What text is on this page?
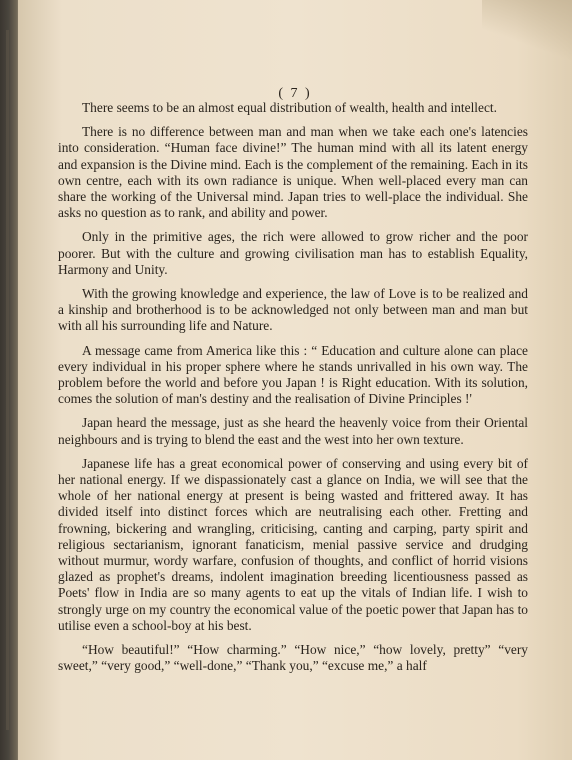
( 7 )

There seems to be an almost equal distribution of wealth, health and intellect.

There is no difference between man and man when we take each one's latencies into consideration. “Human face divine!” The human mind with all its latent energy and expansion is the Divine mind. Each is the complement of the remaining. Each in its own centre, each with its own radiance is unique. When well-placed every man can share the working of the Universal mind. Japan tries to well-place the individual. She asks no question as to rank, and ability and power.

Only in the primitive ages, the rich were allowed to grow richer and the poor poorer. But with the culture and growing civilisation man has to establish Equality, Harmony and Unity.

With the growing knowledge and experience, the law of Love is to be realized and a kinship and brotherhood is to be acknowledged not only between man and man but with all his surrounding life and Nature.

A message came from America like this : “ Education and culture alone can place every individual in his proper sphere where he stands unrivalled in his own way. The problem before the world and before you Japan ! is Right education. With its solution, comes the solution of man's destiny and the realisation of Divine Principles !'

Japan heard the message, just as she heard the heavenly voice from their Oriental neighbours and is trying to blend the east and the west into her own texture.

Japanese life has a great economical power of conserving and using every bit of her national energy. If we dispassionately cast a glance on India, we will see that the whole of her national energy at present is being wasted and frittered away. It has divided itself into distinct forces which are neutralising each other. Fretting and frowning, bickering and wrangling, criticising, canting and carping, party spirit and religious sectarianism, ignorant fanaticism, menial passive service and drudging without murmur, wordy warfare, confusion of thoughts, and conflict of horrid visions glazed as prophet's dreams, indolent imagination breeding licentiousness passed as Poets' flow in India are so many agents to eat up the vitals of Indian life. I wish to strongly urge on my country the economical value of the poetic power that Japan has to utilise even a school-boy at his best.

“How beautiful!” “How charming.” “How nice,” “how lovely, pretty” “very sweet,” “very good,” “well-done,” “Thank you,” “excuse me,” a half
